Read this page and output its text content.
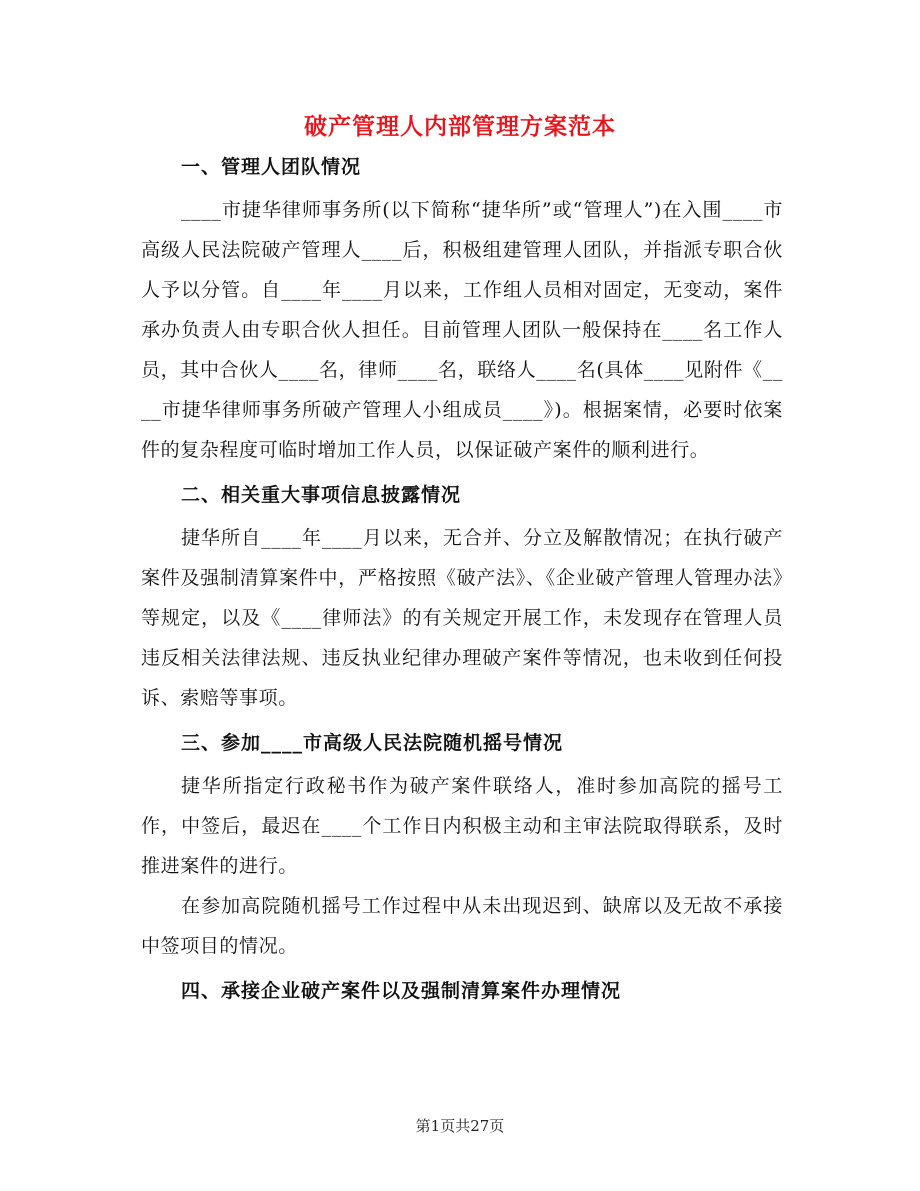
破产管理人内部管理方案范本

一、管理人团队情况

____市捷华律师事务所(以下简称“捷华所”或“管理人”)在入围____市高级人民法院破产管理人____后，积极组建管理人团队，并指派专职合伙人予以分管。自____年____月以来，工作组人员相对固定，无变动，案件承办负责人由专职合伙人担任。目前管理人团队一般保持在____名工作人员，其中合伙人____名，律师____名，联络人____名(具体____见附件《____市捷华律师事务所破产管理人小组成员____》)。根据案情，必要时依案件的复杂程度可临时增加工作人员，以保证破产案件的顺利进行。

二、相关重大事项信息披露情况

捷华所自____年____月以来，无合并、分立及解散情况；在执行破产案件及强制清算案件中，严格按照《破产法》、《企业破产管理人管理办法》等规定，以及《____律师法》的有关规定开展工作，未发现存在管理人员违反相关法律法规、违反执业纪律办理破产案件等情况，也未收到任何投诉、索赔等事项。

三、参加____市高级人民法院随机摇号情况

捷华所指定行政秘书作为破产案件联络人，准时参加高院的摇号工作，中签后，最迟在____个工作日内积极主动和主审法院取得联系，及时推进案件的进行。

在参加高院随机摇号工作过程中从未出现迟到、缺席以及无故不承接中签项目的情况。

四、承接企业破产案件以及强制清算案件办理情况

第1页共27页
